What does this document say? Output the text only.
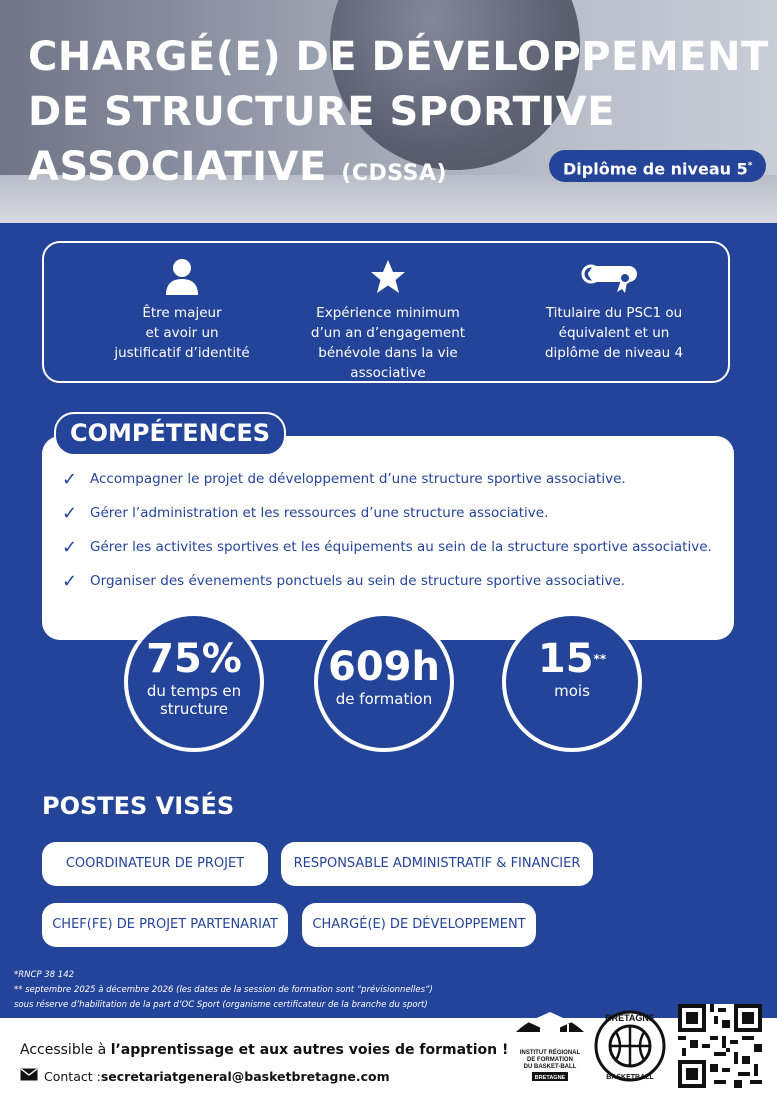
CHARGÉ(E) DE DÉVELOPPEMENT
DE STRUCTURE SPORTIVE
ASSOCIATIVE (CDSSA)	Diplôme de niveau 5*
Être majeur
et avoir un
justificatif d’identité
Expérience minimum
d’un an d’engagement
bénévole dans la vie
associative
Titulaire du PSC1 ou
équivalent et un
diplôme de niveau 4
COMPÉTENCES
✓ Accompagner le projet de développement d’une structure sportive associative.
✓ Gérer l’administration et les ressources d’une structure associative.
✓ Gérer les activites sportives et les équipements au sein de la structure sportive associative.
✓ Organiser des évenements ponctuels au sein de structure sportive associative.
75%
du temps en
structure
609h
de formation
15**
mois
POSTES VISÉS
COORDINATEUR DE PROJET	RESPONSABLE ADMINISTRATIF & FINANCIER
CHEF(FE) DE PROJET PARTENARIAT	CHARGÉ(E) DE DÉVELOPPEMENT
*RNCP 38 142
** septembre 2025 à décembre 2026 (les dates de la session de formation sont “prévisionnelles”)
sous réserve d’habilitation de la part d’OC Sport (organisme certificateur de la branche du sport)
Accessible à l’apprentissage et aux autres voies de formation !
Contact : secretariatgeneral@basketbretagne.com
INSTITUT RÉGIONAL
DE FORMATION
DU BASKET-BALL
BRETAGNE
BRETAGNE
BASKETBALL
